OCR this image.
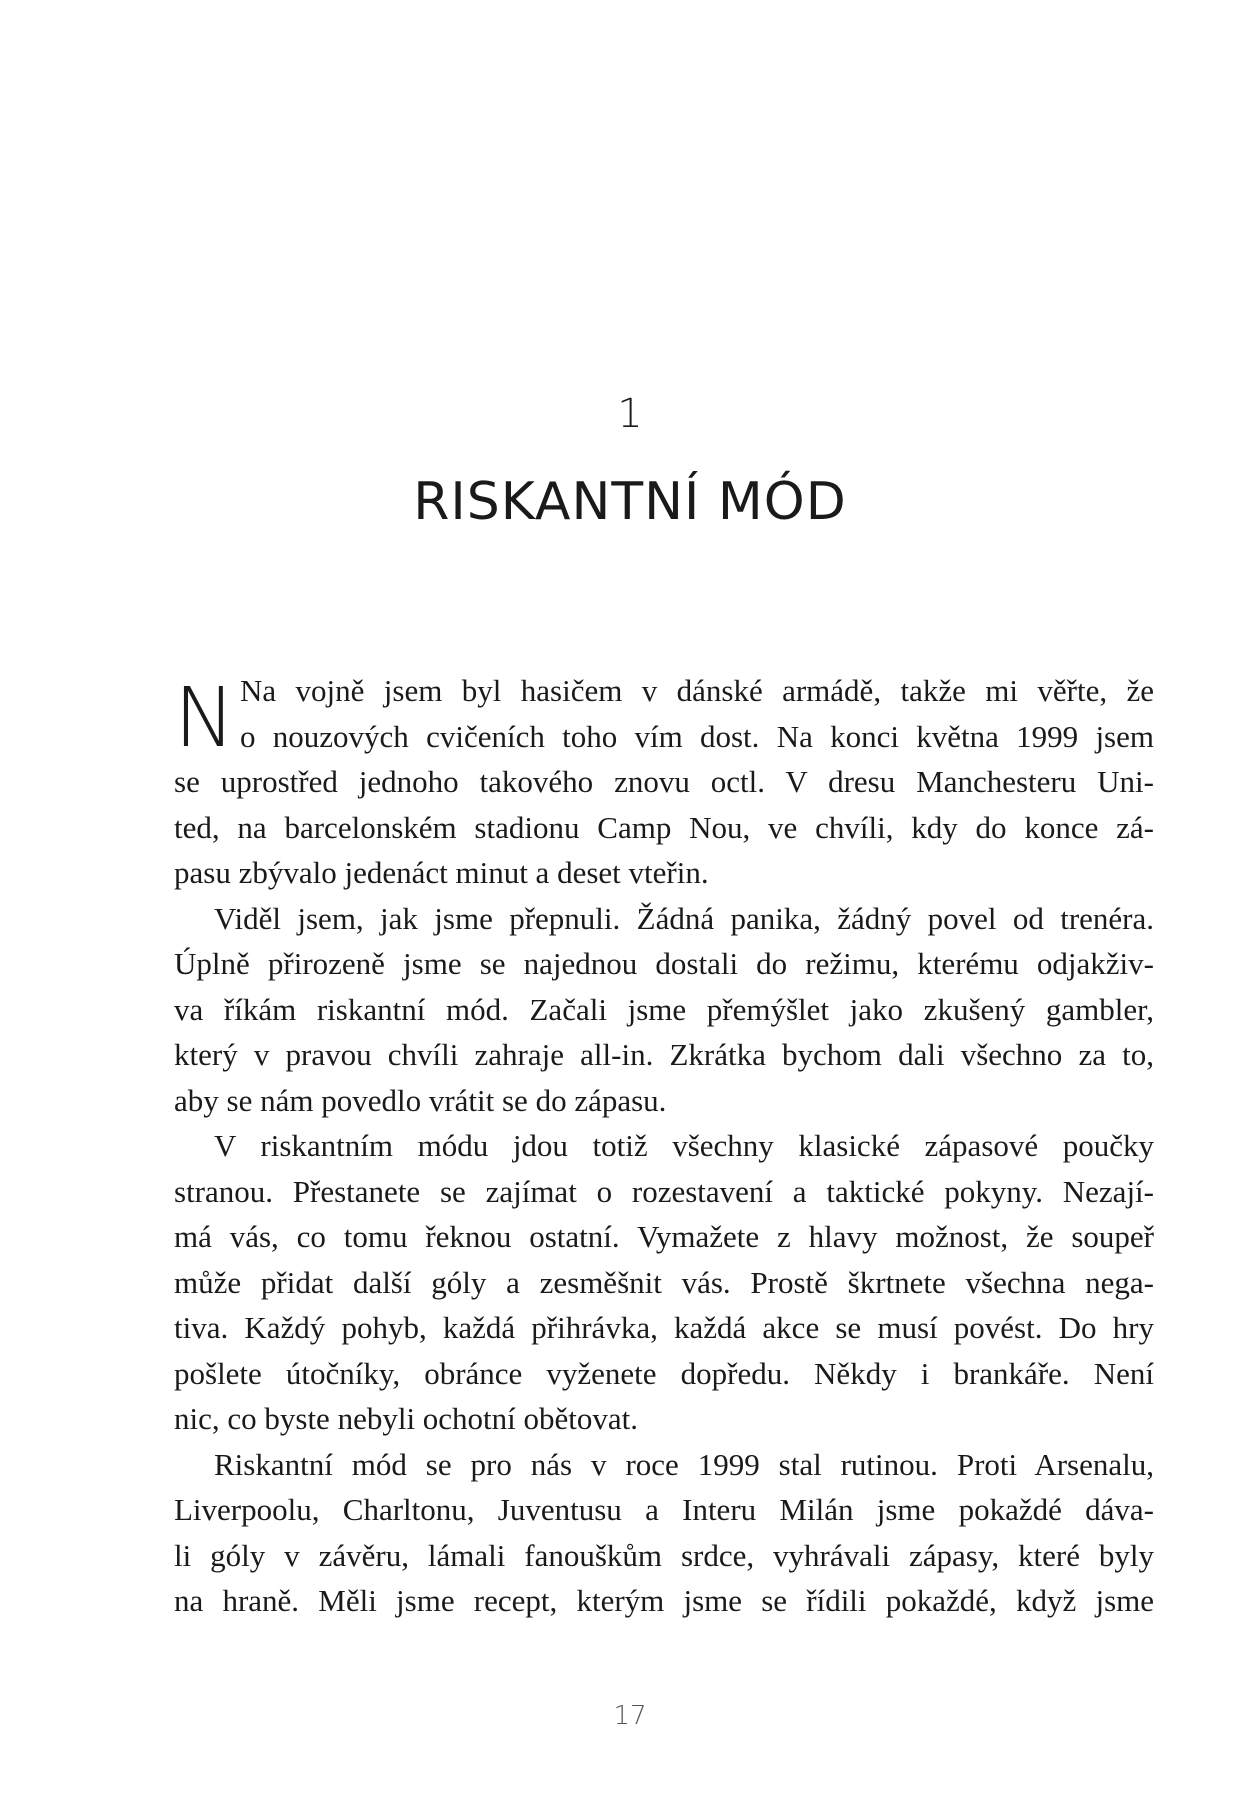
1
RISKANTNÍ MÓD
N Na vojně jsem byl hasičem v dánské armádě, takže mi věřte, že
o nouzových cvičeních toho vím dost. Na konci května 1999 jsem
se uprostřed jednoho takového znovu octl. V dresu Manchesteru Uni-
ted, na barcelonském stadionu Camp Nou, ve chvíli, kdy do konce zá-
pasu zbývalo jedenáct minut a deset vteřin.
Viděl jsem, jak jsme přepnuli. Žádná panika, žádný povel od trenéra.
Úplně přirozeně jsme se najednou dostali do režimu, kterému odjakživ-
va říkám riskantní mód. Začali jsme přemýšlet jako zkušený gambler,
který v pravou chvíli zahraje all-in. Zkrátka bychom dali všechno za to,
aby se nám povedlo vrátit se do zápasu.
V riskantním módu jdou totiž všechny klasické zápasové poučky
stranou. Přestanete se zajímat o rozestavení a taktické pokyny. Nezají-
má vás, co tomu řeknou ostatní. Vymažete z hlavy možnost, že soupeř
může přidat další góly a zesměšnit vás. Prostě škrtnete všechna nega-
tiva. Každý pohyb, každá přihrávka, každá akce se musí povést. Do hry
pošlete útočníky, obránce vyženete dopředu. Někdy i brankáře. Není
nic, co byste nebyli ochotní obětovat.
Riskantní mód se pro nás v roce 1999 stal rutinou. Proti Arsenalu,
Liverpoolu, Charltonu, Juventusu a Interu Milán jsme pokaždé dáva-
li góly v závěru, lámali fanouškům srdce, vyhrávali zápasy, které byly
na hraně. Měli jsme recept, kterým jsme se řídili pokaždé, když jsme
17
